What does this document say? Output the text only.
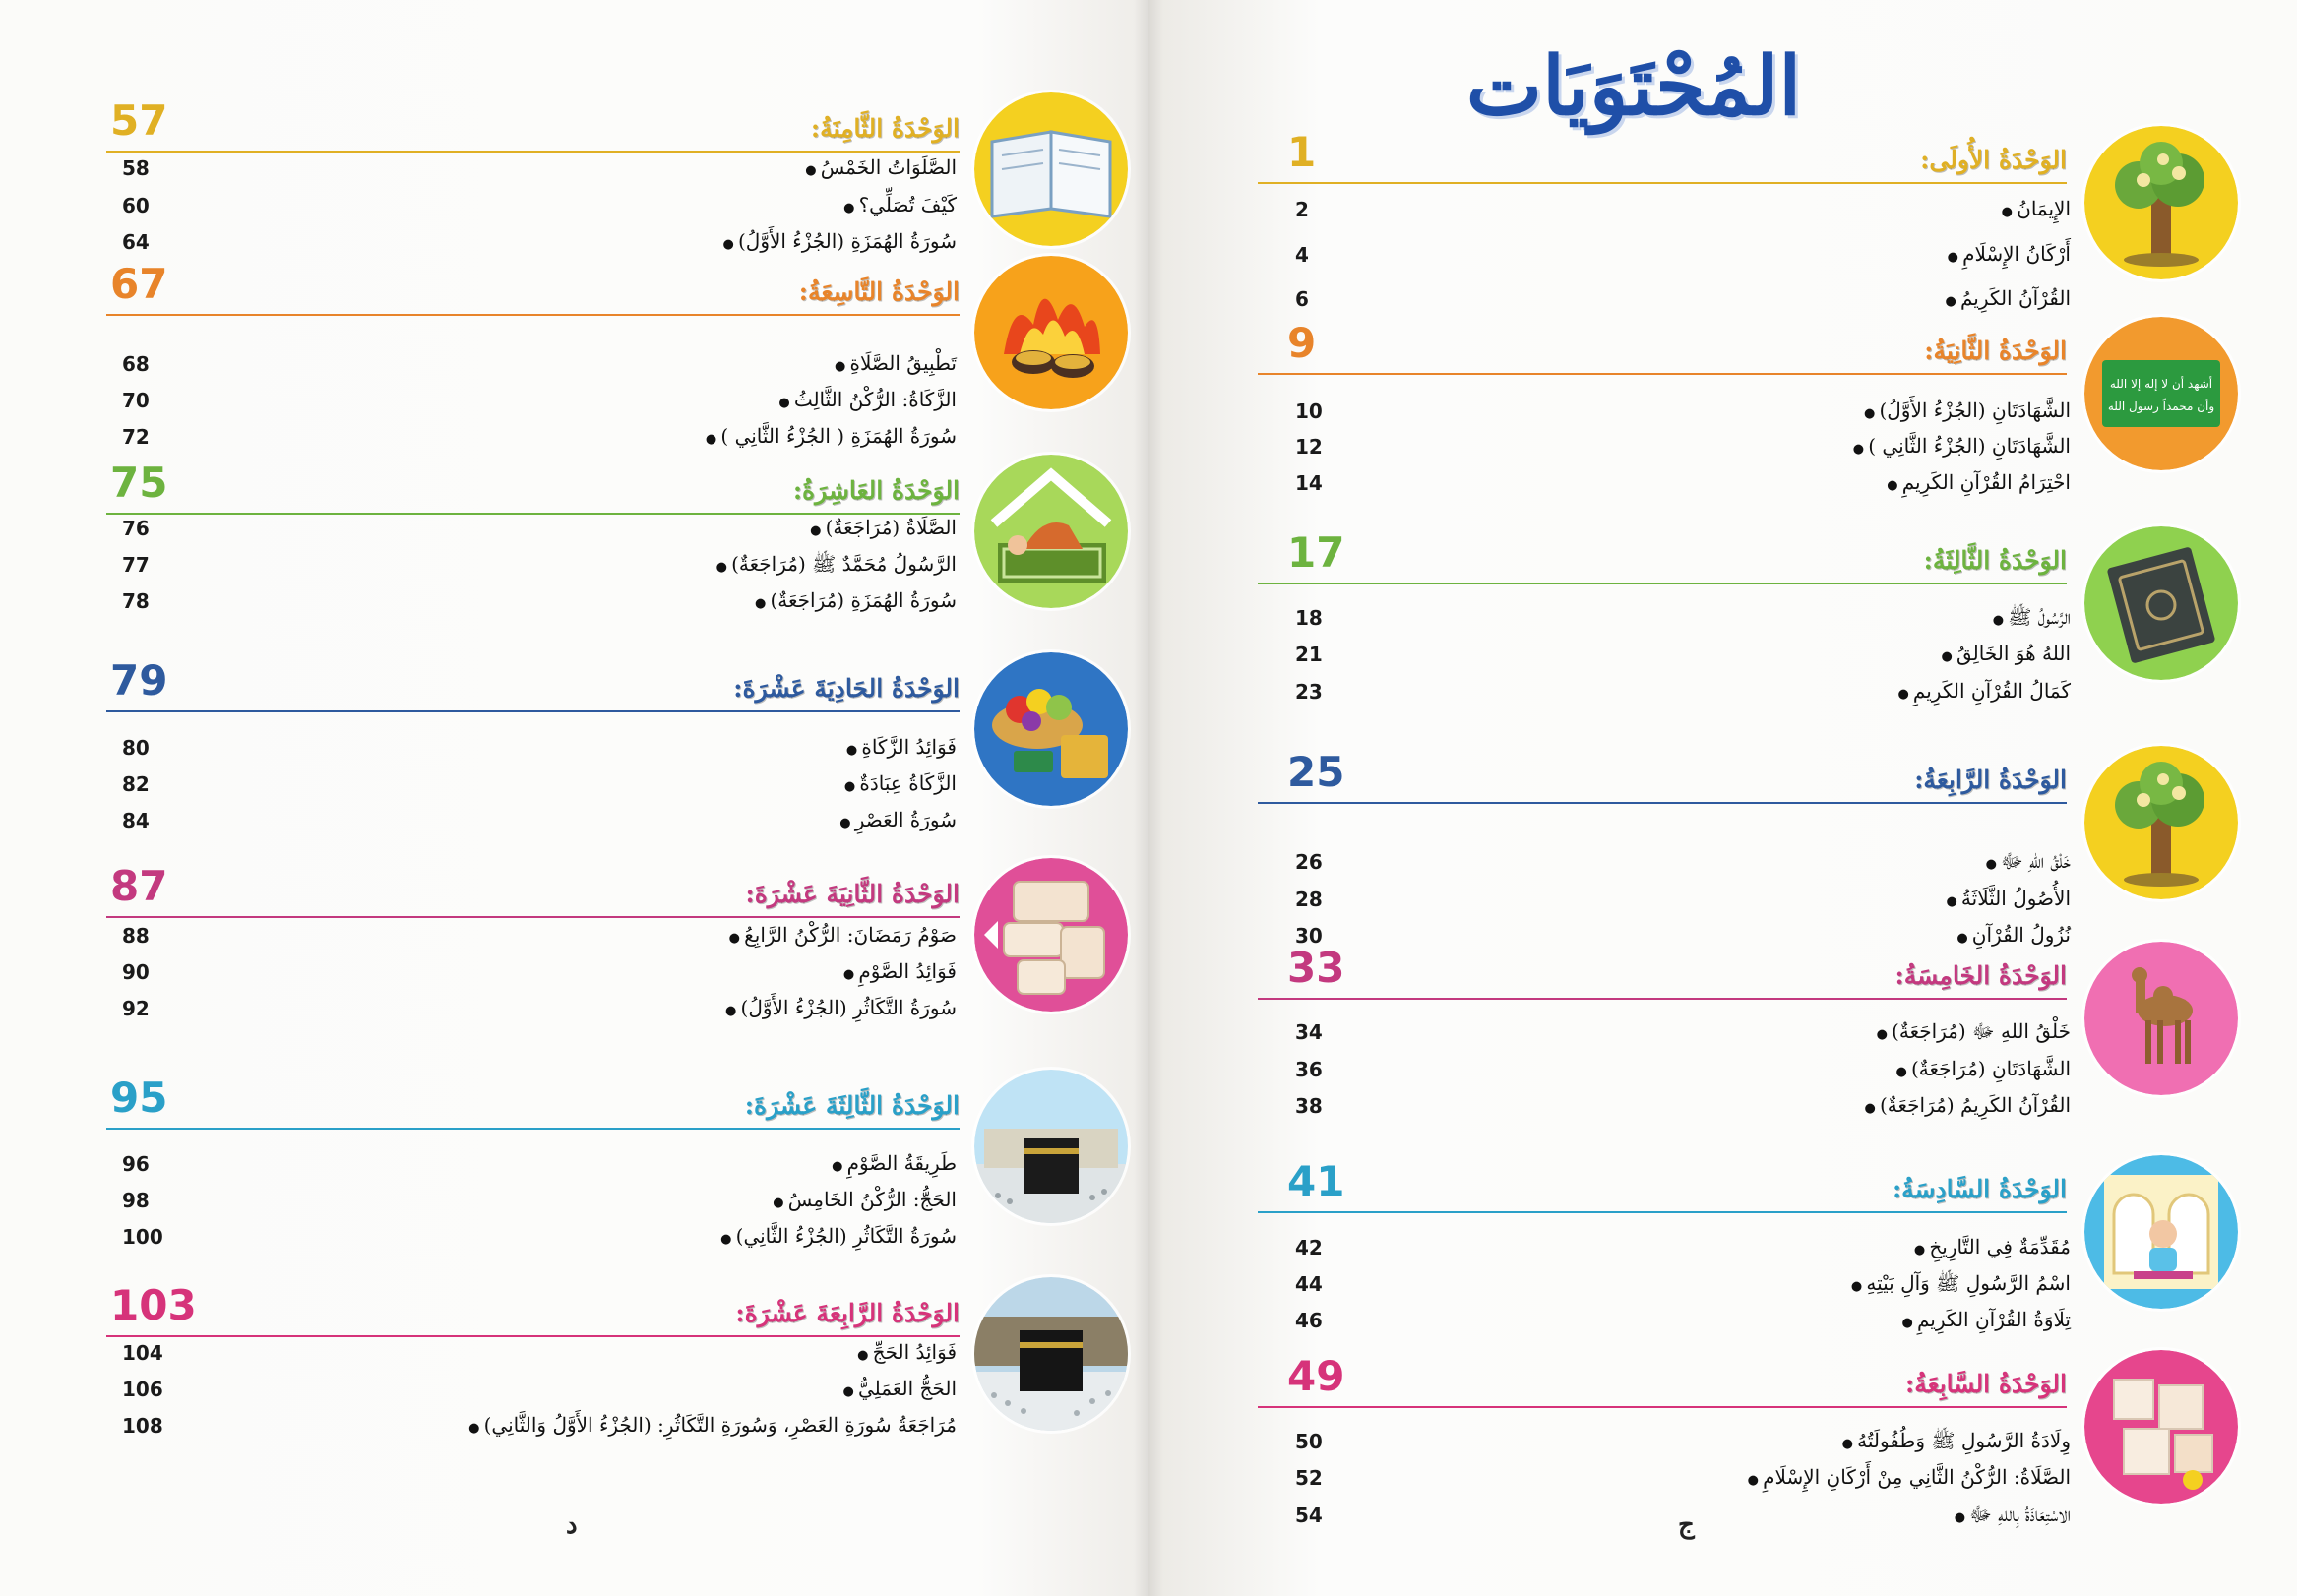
المُحْتَوَيَات
الوَحْدَةُ الأُولَى:
1
الإِيمَانُ ●
2
أَرْكَانُ الإِسْلَامِ ●
4
القُرْآنُ الكَرِيمُ ●
6
أشهد أن لا إله إلا الله
وأن محمداً رسول الله
الوَحْدَةُ الثَّانِيَةُ:
9
الشَّهَادَتَانِ (الجُزْءُ الأَوَّلُ) ●
10
الشَّهَادَتَانِ (الجُزْءُ الثَّانِي ) ●
12
احْتِرَامُ القُرْآنِ الكَرِيمِ ●
14
الوَحْدَةُ الثَّالِثَةُ:
17
الرَّسُولُ ﷺ ●
18
اللهُ هُوَ الخَالِقُ ●
21
كَمَالُ القُرْآنِ الكَرِيمِ ●
23
الوَحْدَةُ الرَّابِعَةُ:
25
خَلْقُ اللهِ ﷻ ●
26
الأُصُولُ الثَّلَاثَةُ ●
28
نُزُولُ القُرْآنِ ●
30
الوَحْدَةُ الخَامِسَةُ:
33
خَلْقُ اللهِ ﷻ (مُرَاجَعَةٌ) ●
34
الشَّهَادَتَانِ (مُرَاجَعَةٌ) ●
36
القُرْآنُ الكَرِيمُ (مُرَاجَعَةٌ) ●
38
الوَحْدَةُ السَّادِسَةُ:
41
مُقَدِّمَةٌ فِي التَّارِيخِ ●
42
اسْمُ الرَّسُولِ ﷺ وَآلِ بَيْتِهِ ●
44
تِلَاوَةُ القُرْآنِ الكَرِيمِ ●
46
الوَحْدَةُ السَّابِعَةُ:
49
وِلَادَةُ الرَّسُولِ ﷺ وَطُفُولَتُهُ ●
50
الصَّلَاةُ: الرُّكْنُ الثَّانِي مِنْ أَرْكَانِ الإِسْلَامِ ●
52
الاسْتِعَاذَةُ بِاللهِ ﷻ ●
54
الوَحْدَةُ الثَّامِنَةُ:
57
الصَّلَوَاتُ الخَمْسُ ●
58
كَيْفَ تُصَلِّي؟ ●
60
سُورَةُ الهُمَزَةِ (الجُزْءُ الأَوَّلُ) ●
64
الوَحْدَةُ التَّاسِعَةُ:
67
تَطْبِيقُ الصَّلَاةِ ●
68
الزَّكَاةُ: الرُّكْنُ الثَّالِثُ ●
70
سُورَةُ الهُمَزَةِ ( الجُزْءُ الثَّانِي ) ●
72
الوَحْدَةُ العَاشِرَةُ:
75
الصَّلَاةُ (مُرَاجَعَةٌ) ●
76
الرَّسُولُ مُحَمَّدٌ ﷺ (مُرَاجَعَةٌ) ●
77
سُورَةُ الهُمَزَةِ (مُرَاجَعَةٌ) ●
78
الوَحْدَةُ الحَادِيَةَ عَشْرَةَ:
79
فَوَائِدُ الزَّكَاةِ ●
80
الزَّكَاةُ عِبَادَةٌ ●
82
سُورَةُ العَصْرِ ●
84
الوَحْدَةُ الثَّانِيَةَ عَشْرَةَ:
87
صَوْمُ رَمَضَانَ: الرُّكْنُ الرَّابِعُ ●
88
فَوَائِدُ الصَّوْمِ ●
90
سُورَةُ التَّكَاثُرِ (الجُزْءُ الأَوَّلُ) ●
92
الوَحْدَةُ الثَّالِثَةَ عَشْرَةَ:
95
طَرِيقَةُ الصَّوْمِ ●
96
الحَجُّ: الرُّكْنُ الخَامِسُ ●
98
سُورَةُ التَّكَاثُرِ (الجُزْءُ الثَّانِي) ●
100
الوَحْدَةُ الرَّابِعَةَ عَشْرَةَ:
103
فَوَائِدُ الحَجِّ ●
104
الحَجُّ العَمَلِيُّ ●
106
مُرَاجَعَةُ سُورَةِ العَصْرِ، وَسُورَةِ التَّكَاثُرِ: (الجُزْءُ الأَوَّلُ وَالثَّانِي) ●
108
ج
د
